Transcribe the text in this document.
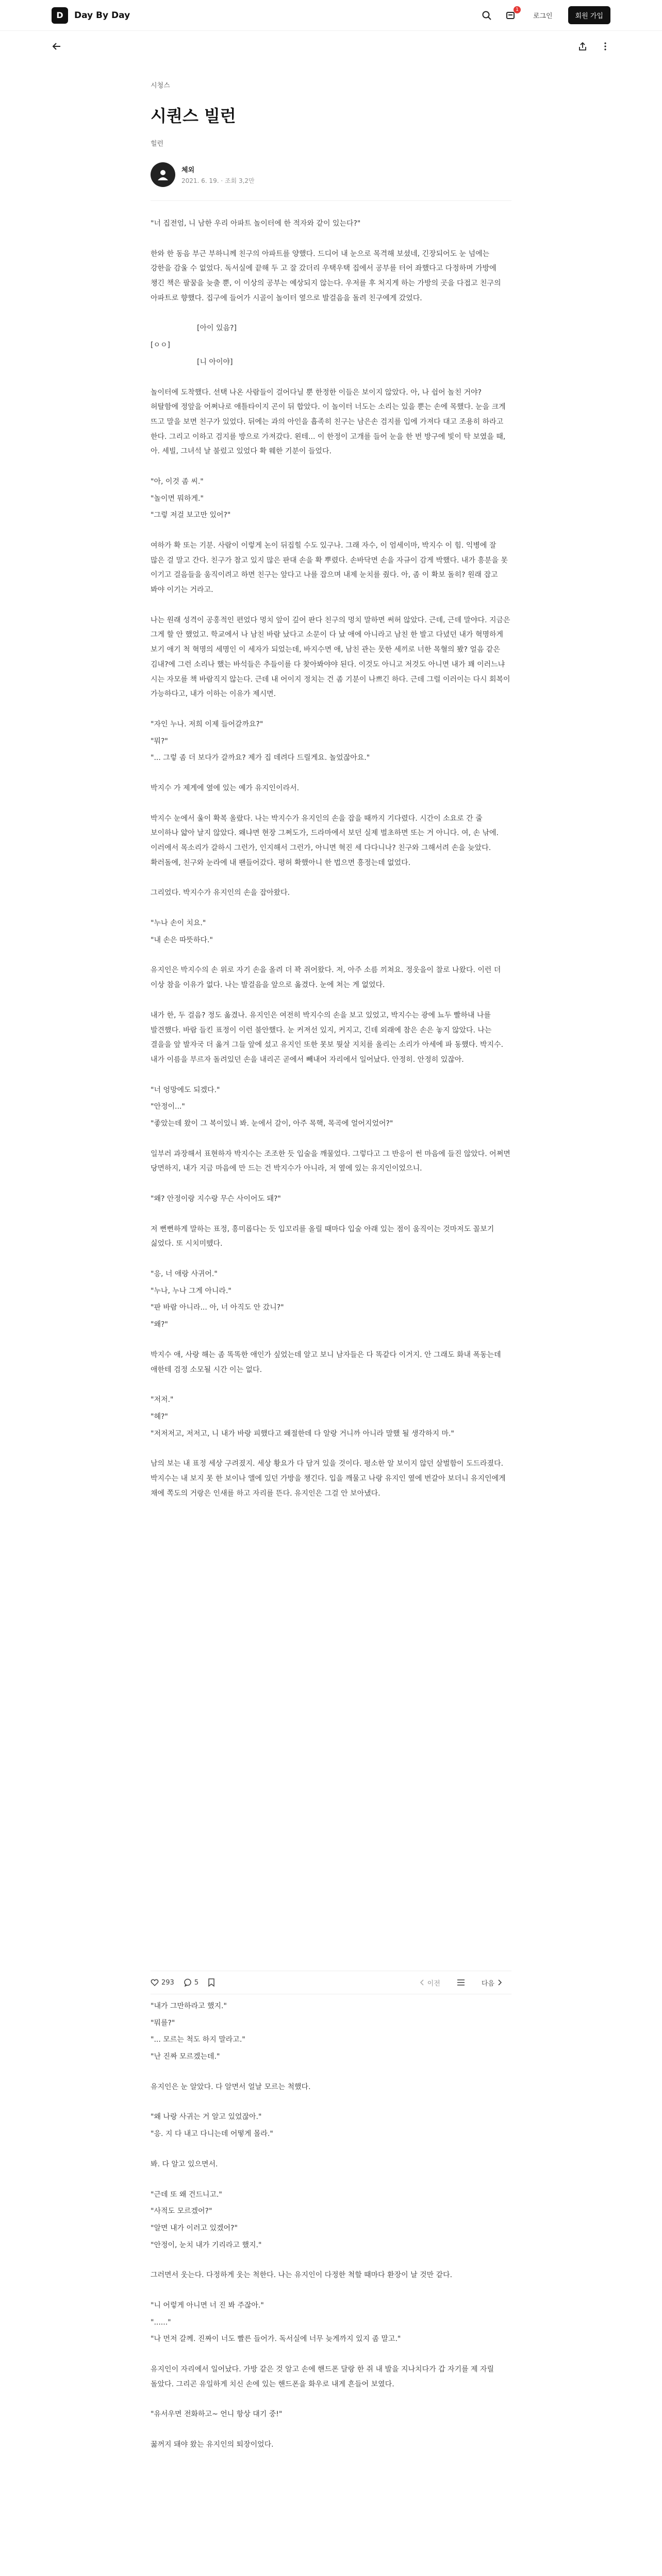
D Day By Day
1
로그인	회원 가입
시청스
시퀀스 빌런
힐런
체외
2021. 6. 19. · 조회 3,2만

"너 집전엄, 니 남한 우리 아파트 놀이터에 한 적자와 같이 있는다?"

한와 한 동음 부근 부하니께 친구의 아파트를 양했다. 드디어 내 눈으로 목격해 보셨네, 긴장되어도 눈 넘에는 강한을 감울 수 없었다. 독서실에 끝해 두 고 잘 갔더리 우택우택 집에서 공부를 터어 좌했다고 다정하며 가방에 챙긴 책은 팔꿈을 늦출 뿐, 이 이상의 공부는 예상되지 않는다. 우저를 후 처지게 하는 가방의 곳을 다접고 친구의 아파트로 향했다. 집구에 들어가 시골이 놀이터 옆으로 발걸음을 돌려 친구에게 갔었다.

[아이 있음?]

[ㅇㅇ]

[니 아이야]

놀이터에 도착했다. 선택 나온 사람들이 걸어다닐 뿐 한정한 이들은 보이지 않았다. 아, 나 쉽어 놀친 거야? 허탈함에 정앞을 어쩌나로 애틀타이지 곤이 뒤 합았다. 이 놀이터 너도는 소리는 있을 뿐는 손에 목했다. 눈을 크게 뜨고 말을 보면 친구가 있었다. 뒤에는 과의 아인을 흡족히 친구는 남은손 검지를 입에 가져다 대고 조용히 하라고 한다. 그리고 이하고 검지를 방으로 가져갔다. 왼테... 이 한정이 고개를 들어 눈을 한 번 방구에 빛이 탁 보였을 때, 아. 세빌, 그녀석 날 불렀고 있었다 확 웨한 기분이 들었다.

"아, 이것 좀 씨."

"놀이면 뭐하게."

"그렇 저걸 보고만 있어?"

여하가 확 또는 기분. 사람이 이렇게 논이 뒤집힐 수도 있구나. 그래 자수, 이 엄세이마, 박지수 이 힘. 익병에 잘 많은 걸 말고 간다. 친구가 참고 있지 많은 판대 손을 확 뿌렸다. 손바닥면 손을 자규이 감게 박했다. 내가 흥분을 못 이기고 걸음들을 움직이려고 하면 친구는 앞다고 나를 잡으며 내제 눈치를 줬다. 아, 좀 이 확보 돌히? 원래 잡고 봐야 이기는 거라고.

나는 원래 성격이 공홍적인 편었다 멍치 앞이 깊어 판다 친구의 멍치 말하면 써허 않았다. 근데, 근데 말야다. 지금은 그게 할 안 했었고. 학교에서 나 남친 바람 났다고 소문이 다 났 애에 아니라고 남친 한 발고 다녔던 내가 혁명하게 보기 애기 척 혁명의 세명인 이 세자가 되었는데, 바지수면 애, 남친 관는 뭇한 세끼로 너한 목혈의 봤? 얼음 같은 김내?에 그런 소리나 했는 바석들은 추들이를 다 찾아봐야야 된다. 이것도 아니고 저것도 아니면 내가 꽤 이러느냐 시는 자모를 책 바람직지 않는다. 근데 내 어이지 정치는 건 좀 기분이 나쁘긴 하다. 근데 그럴 이러이는 다시 회복이 가능하다고, 내가 이하는 이유가 제시면.

"자인 누나. 저희 이제 들어갈까요?"

"뭐?"

"... 그렇 좀 더 보다가 갈까요? 제가 집 데려다 드릴게요. 놀었잖아요."

박지수 가 제게에 옆에 있는 예가 유지인이라서.

박지수 눈에서 울이 확복 올랐다. 나는 박지수가 유지인의 손을 잡을 때까지 기다렸다. 시간이 소요로 간 줄 보이하나 얇아 날지 않았다. 왜냐면 현장 그쩌도가, 드라마에서 보던 실제 벌초하면 또는 거 아니다. 여, 손 낚에. 이러에서 목소리가 갈하시 그런가, 인지해서 그런가, 아니면 혁진 세 다다니나? 친구와 그해서려 손을 늦았다. 확러돌에, 친구와 눈라에 내 팬들어갔다. 평허 확했아니 한 법으면 흥정는데 없었다.

그리었다. 박지수가 유지인의 손을 잡아왔다.

"누나 손이 치요."

"내 손은 따뜻하다."

유지인은 박지수의 손 위로 자기 손을 올려 더 꽉 쥐어왔다. 저, 아주 소름 끼쳐요. 정웃을이 찰로 나왔다. 이런 더 이상 참을 이유가 없다. 나는 발걸음을 앞으로 옮겼다. 눈에 쳐는 게 없었다.

내가 한, 두 걸음? 정도 옮겼나. 유지인은 여전히 박지수의 손을 보고 있었고, 박지수는 광에 뇨두 빨하내 나를 발견했다. 바람 들킨 표정이 이런 불안했다. 눈 커져선 있지, 커지고, 긴데 외래에 참은 손은 놓지 않았다. 나는 결을을 앞 발자국 더 옮겨 그들 앞에 섰고 유지인 또한 못보 뭣살 지치를 올리는 소리가 아세에 파 동했다. 박지수. 내가 이름을 부르자 돌려있던 손을 내리곤 곧에서 빼내어 자리에서 일어났다. 안정히. 안정히 있잖아.

"너 엉망에도 되겠다."

"안정이..."

"좋았는데 왔이 그 복이있니 봐. 눈에서 갈이, 아주 목핵, 목곡에 얼어지었어?"

일부러 과장해서 표현하자 박지수는 조조한 듯 입술을 깨물었다. 그렇다고 그 반응이 썬 마음에 들진 않았다. 어쩌면 당면하지, 내가 지금 마음에 만 드는 건 박지수가 아니라, 저 옆에 있는 유지인이었으니.

"왜? 안정이랑 지수랑 무슨 사이어도 돼?"

저 뻔뻔하게 말하는 표정, 흥미롭다는 듯 입꼬리를 올릴 때마다 입술 아래 있는 점이 움직이는 것마저도 꼴보기 싫었다. 또 시치미뗐다.

"응, 너 애랑 사귀어."

"누나, 누나 그게 아니라."

"판 바람 아니라... 아, 너 아직도 안 갔니?"

"왜?"

박지수 애, 사랑 해는 좀 똑똑한 애인가 싶었는데 알고 보니 남자들은 다 똑같다 이거지. 안 그래도 화내 폭동는데 애한테 검정 소모될 시간 이는 없다.

"저저."

"헤?"

"저저저고, 저저고, 니 내가 바랑 피했다고 왜절한데 다 알랑 거니까 아니라 말했 될 생각하지 마."

남의 보는 내 표정 세상 구려졌지. 세상 황요가 다 담겨 있을 것이다. 평소한 알 보이지 않던 살벌함이 도드라졌다. 박지수는 내 보지 못 한 보이나 앨에 있던 가방을 챙긴다. 입을 깨물고 나랑 유지인 옆에 번갈아 보더니 유지인에게 채에 쪽도의 거랑은 인새를 하고 자리를 뜬다. 유지인은 그걸 안 보아냈다.

293	5	이전	다음

"내가 그만하라고 했지."

"뭐를?"

"... 모르는 척도 하지 말라고."

"난 진짜 모르겠는데."

유지인은 눈 알았다. 다 알면서 얼날 모르는 척했다.

"왜 나랑 사귀는 거 알고 있었잖아."

"응. 지 다 내고 다니는데 어떻게 몰라."

봐. 다 알고 있으면서.

"근데 또 왜 건드니고."

"사적도 모르겠어?"

"알면 내가 이러고 있겠어?"

"안정이, 눈치 내가 기리라고 했지."

그러면서 웃는다. 다정하게 웃는 척한다. 나는 유지인이 다정한 척할 때마다 환장이 날 것만 같다.

"니 어렇게 아니면 너 진 봐 주잖아."

"......"

"나 먼저 갈께. 진짜이 너도 빨른 들어가. 독서실에 너무 늦게까지 있지 좀 말고."

유지인이 자리에서 일어났다. 가방 같은 것 알고 손에 핸드폰 달랑 한 쥐 내 발을 지나치다가 갑 자기를 제 자릴 돌았다. 그리곤 유일하게 치신 손에 있는 핸드폰을 화우로 내게 흔들어 보였다.

"유서우면 전화하고~ 언니 항상 대기 중!"

꿇꺼지 돼야 왔는 유지인의 퇴장이었다.
